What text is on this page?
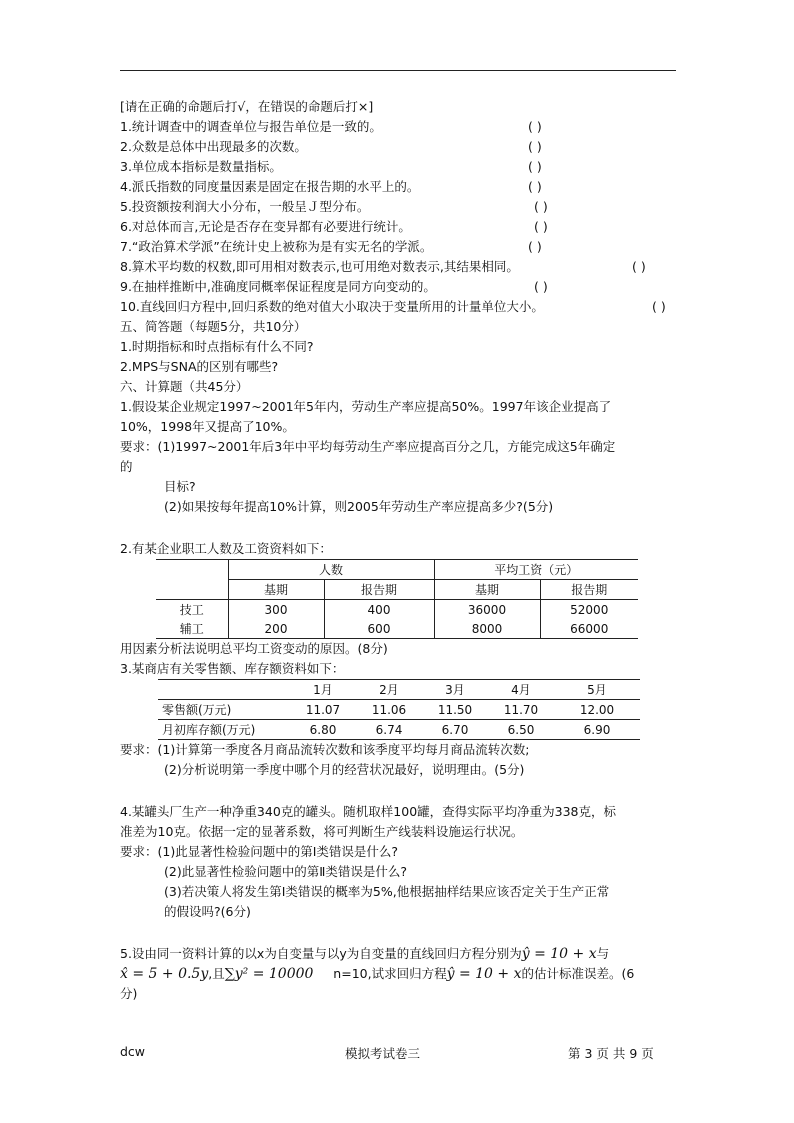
[请在正确的命题后打√，在错误的命题后打×]
1.统计调查中的调查单位与报告单位是一致的。	( )
2.众数是总体中出现最多的次数。	( )
3.单位成本指标是数量指标。	( )
4.派氏指数的同度量因素是固定在报告期的水平上的。	( )
5.投资额按利润大小分布，一般呈Ｊ型分布。	( )
6.对总体而言,无论是否存在变异都有必要进行统计。	( )
7.“政治算术学派”在统计史上被称为是有实无名的学派。	( )
8.算术平均数的权数,即可用相对数表示,也可用绝对数表示,其结果相同。	( )
9.在抽样推断中,准确度同概率保证程度是同方向变动的。	( )
10.直线回归方程中,回归系数的绝对值大小取决于变量所用的计量单位大小。	( )
五、简答题（每题5分，共10分）
1.时期指标和时点指标有什么不同?
2.MPS与SNA的区别有哪些?
六、计算题（共45分）
1.假设某企业规定1997~2001年5年内，劳动生产率应提高50%。1997年该企业提高了
10%，1998年又提高了10%。
要求：(1)1997~2001年后3年中平均每劳动生产率应提高百分之几，方能完成这5年确定
的
目标?
(2)如果按每年提高10%计算，则2005年劳动生产率应提高多少?(5分)
2.有某企业职工人数及工资资料如下：
	人数		平均工资（元）	
	基期	报告期	基期	报告期
技工	300	400	36000	52000
辅工	200	600	8000	66000
用因素分析法说明总平均工资变动的原因。(8分)
3.某商店有关零售额、库存额资料如下：
	1月	2月	3月	4月	5月
零售额(万元)	11.07	11.06	11.50	11.70	12.00
月初库存额(万元)	6.80	6.74	6.70	6.50	6.90
要求：(1)计算第一季度各月商品流转次数和该季度平均每月商品流转次数;
(2)分析说明第一季度中哪个月的经营状况最好，说明理由。(5分)
4.某罐头厂生产一种净重340克的罐头。随机取样100罐，查得实际平均净重为338克，标
准差为10克。依据一定的显著系数，将可判断生产线装料设施运行状况。
要求：(1)此显著性检验问题中的第Ⅰ类错误是什么?
(2)此显著性检验问题中的第Ⅱ类错误是什么?
(3)若决策人将发生第Ⅰ类错误的概率为5%,他根据抽样结果应该否定关于生产正常
的假设吗?(6分)
5.设由同一资料计算的以x为自变量与以y为自变量的直线回归方程分别为ŷ = 10 + x与
x̂ = 5 + 0.5y,且∑y² = 10000 n=10,试求回归方程ŷ = 10 + x的估计标准误差。(6
分)
dcw	模拟考试卷三	第 3 页 共 9 页
